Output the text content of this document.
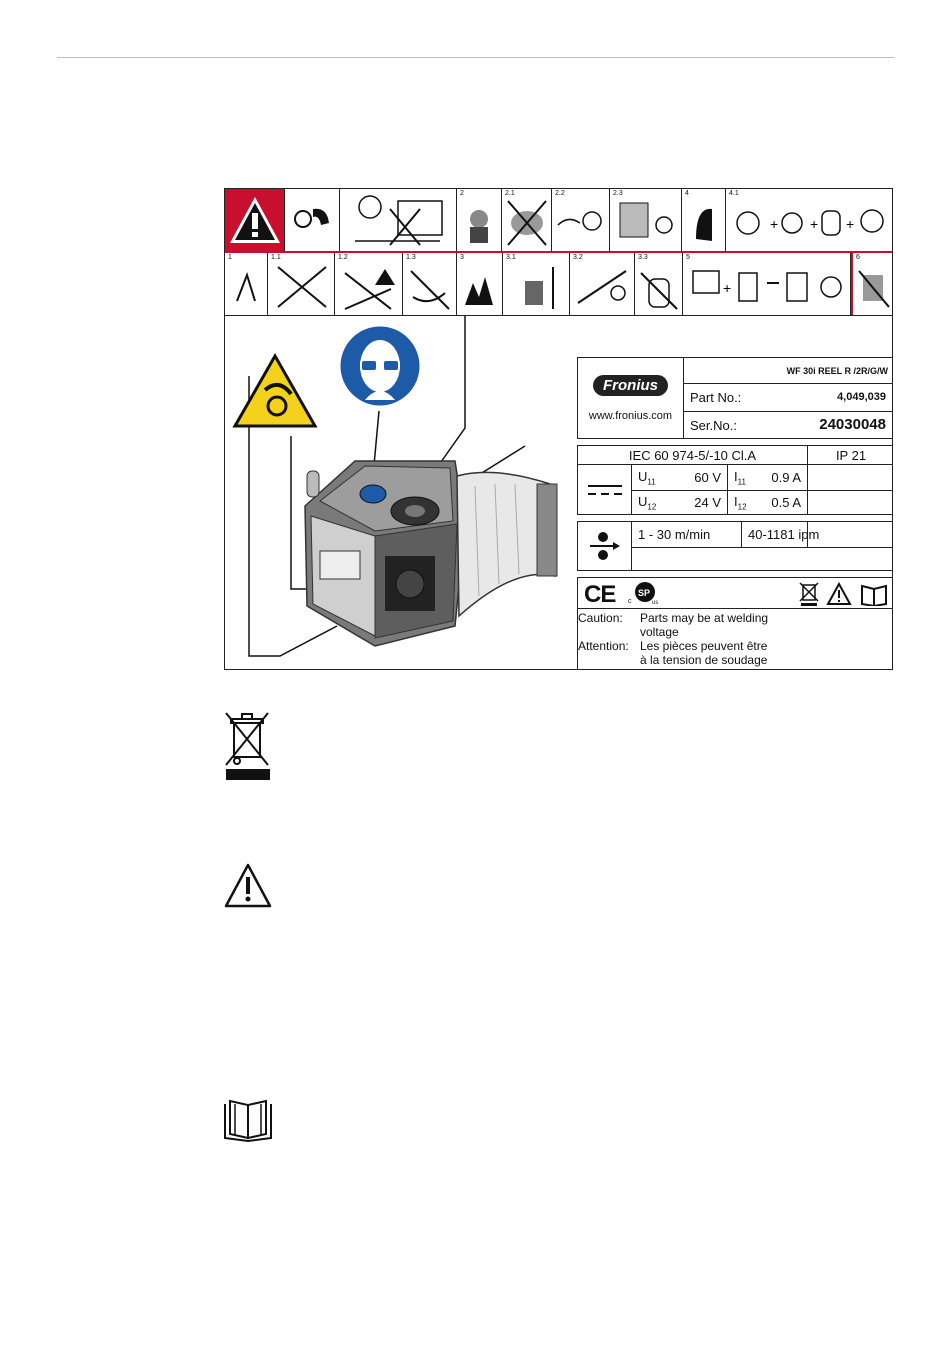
2	2.1	2.2	2.3	4	4.1
+ + +
1	1.1	1.2	1.3	3	3.1	3.2	3.3	5
+
6
Fronius
www.fronius.com
WF 30i REEL R /2R/G/W
Part No.:	4,049,039
Ser.No.:	24030048
IEC 60 974-5/-10 Cl.A	IP 21
$U_{11}$	60 V $I_{11}$ 0.9 A
$U_{12}$	24 V $I_{12}$ 0.5 A
1 - 30 m/min	40-1181 ipm
CE	SP
c	us
Caution: Parts may be at welding
voltage
Attention: Les pièces peuvent être
à la tension de soudage
